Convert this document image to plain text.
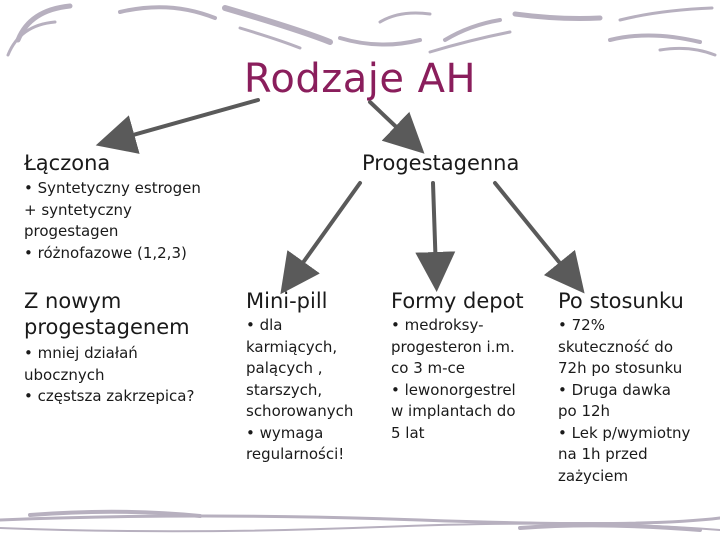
Rodzaje AH
Łączona
• Syntetyczny estrogen
+ syntetyczny
progestagen
• różnofazowe (1,2,3)
Progestagenna
Z nowym
progestagenem
• mniej działań
ubocznych
• częstsza zakrzepica?
Mini-pill
• dla
karmiących,
palących ,
starszych,
schorowanych
• wymaga
regularności!
Formy depot
• medroksy-
progesteron i.m.
co 3 m-ce
• lewonorgestrel
w implantach do
5 lat
Po stosunku
• 72%
skuteczność do
72h po stosunku
• Druga dawka
po 12h
• Lek p/wymiotny
na 1h przed
zażyciem
